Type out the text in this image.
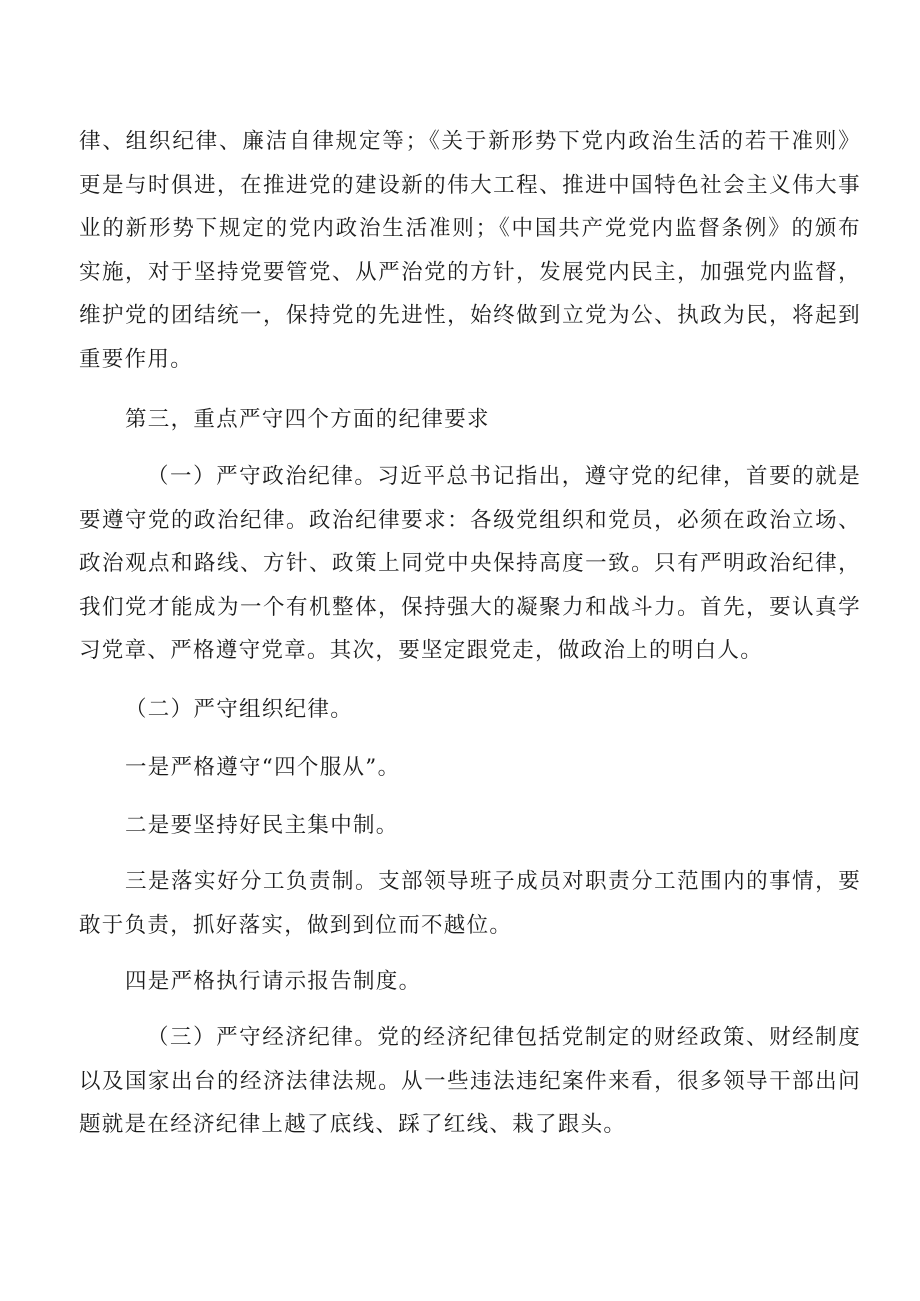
律、组织纪律、廉洁自律规定等；《关于新形势下党内政治生活的若干准则》更是与时俱进，在推进党的建设新的伟大工程、推进中国特色社会主义伟大事业的新形势下规定的党内政治生活准则；《中国共产党党内监督条例》的颁布实施，对于坚持党要管党、从严治党的方针，发展党内民主，加强党内监督，维护党的团结统一，保持党的先进性，始终做到立党为公、执政为民，将起到重要作用。

第三，重点严守四个方面的纪律要求

（一）严守政治纪律。习近平总书记指出，遵守党的纪律，首要的就是要遵守党的政治纪律。政治纪律要求：各级党组织和党员，必须在政治立场、政治观点和路线、方针、政策上同党中央保持高度一致。只有严明政治纪律，我们党才能成为一个有机整体，保持强大的凝聚力和战斗力。首先，要认真学习党章、严格遵守党章。其次，要坚定跟党走，做政治上的明白人。

（二）严守组织纪律。
一是严格遵守“四个服从”。
二是要坚持好民主集中制。

三是落实好分工负责制。支部领导班子成员对职责分工范围内的事情，要敢于负责，抓好落实，做到到位而不越位。

四是严格执行请示报告制度。

（三）严守经济纪律。党的经济纪律包括党制定的财经政策、财经制度以及国家出台的经济法律法规。从一些违法违纪案件来看，很多领导干部出问题就是在经济纪律上越了底线、踩了红线、栽了跟头。
